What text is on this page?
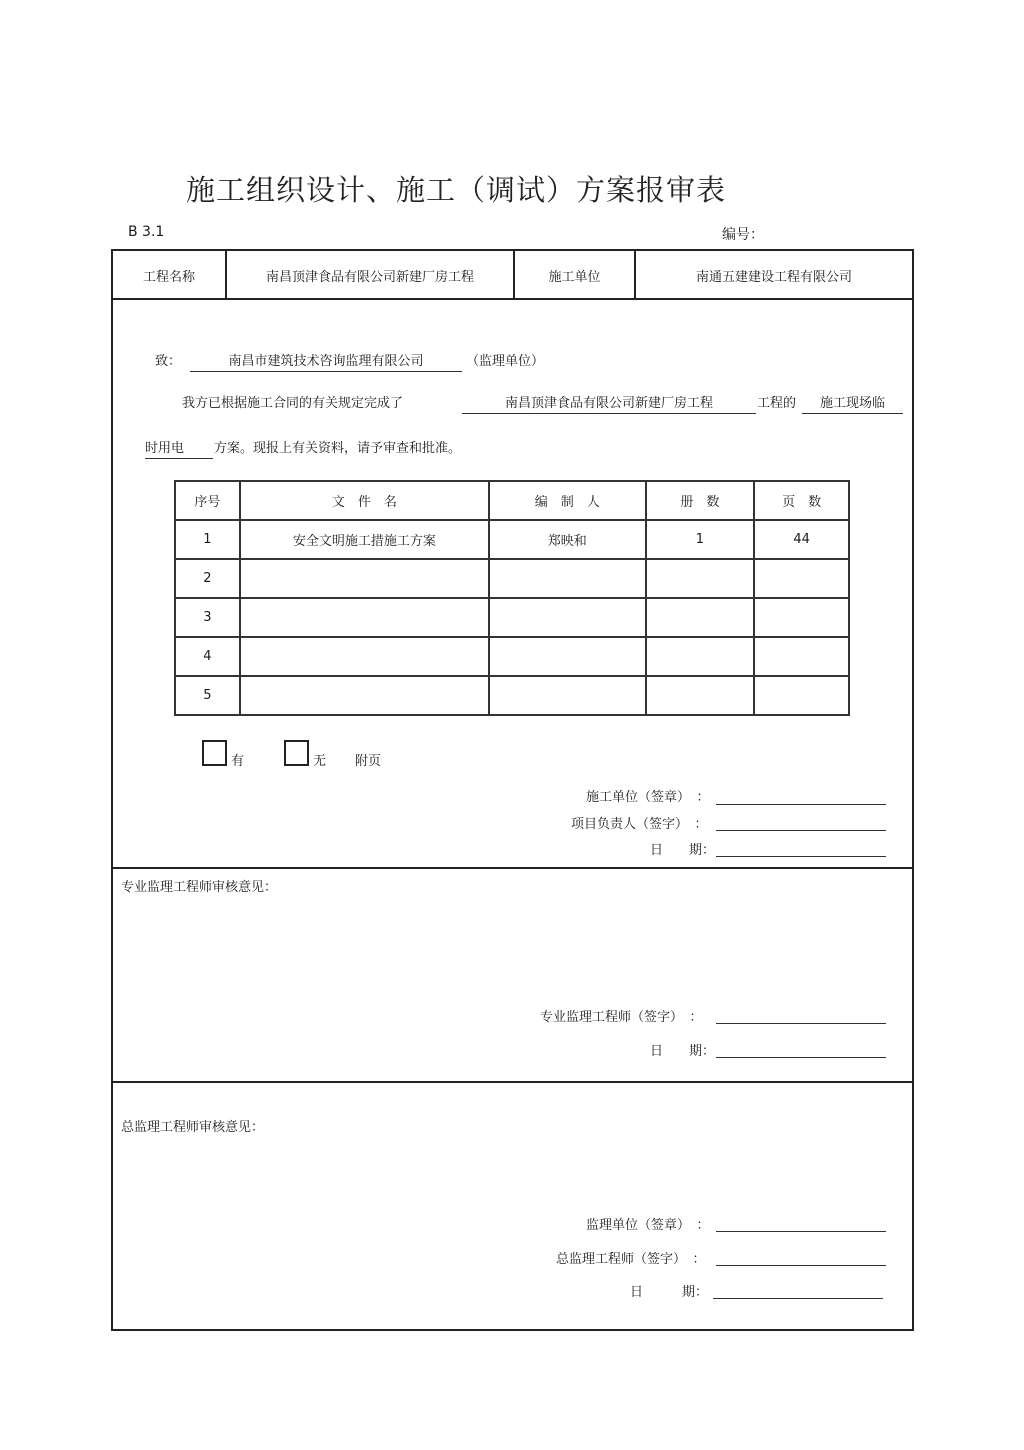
施工组织设计、施工（调试）方案报审表
B 3.1	编号：
工程名称	南昌顶津食品有限公司新建厂房工程	施工单位	南通五建建设工程有限公司
致：	南昌市建筑技术咨询监理有限公司	（监理单位）
我方已根据施工合同的有关规定完成了	南昌顶津食品有限公司新建厂房工程	工程的	施工现场临
时用电	方案。现报上有关资料，请予审查和批准。
序号	文　件　名	编　制　人	册　数	页　数
1	安全文明施工措施工方案	郑映和	1	44
2				
3				
4				
5				
有	无 附页
施工单位（签章）　：
项目负责人（签字）　：
日　　期：
专业监理工程师审核意见：
专业监理工程师（签字）　：
日　　期：
总监理工程师审核意见：
监理单位（签章）　：
总监理工程师（签字）　：
日　　　期：
